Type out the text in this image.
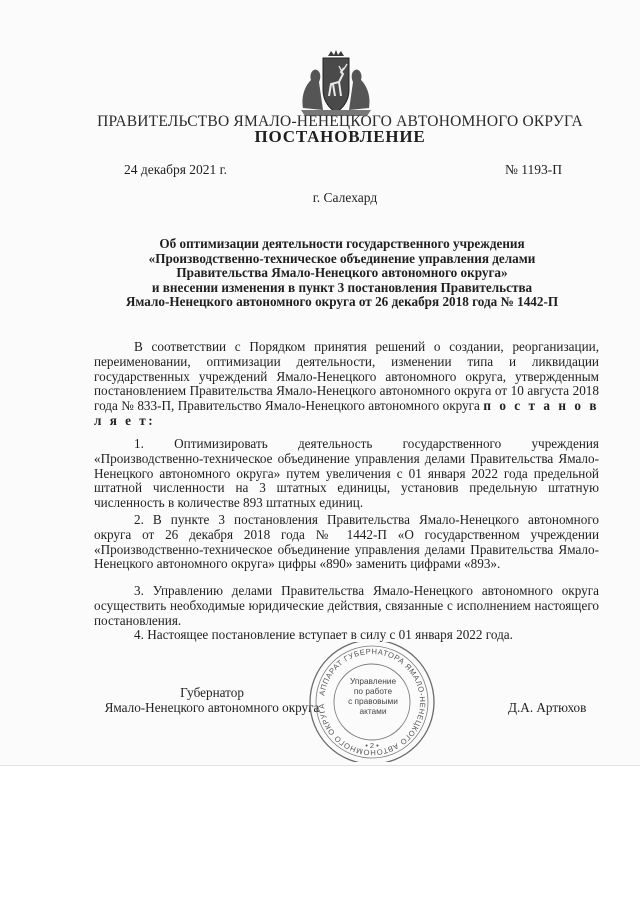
ПРАВИТЕЛЬСТВО ЯМАЛО-НЕНЕЦКОГО АВТОНОМНОГО ОКРУГА
ПОСТАНОВЛЕНИЕ
24 декабря 2021 г.	№ 1193-П
г. Салехард
Об оптимизации деятельности государственного учреждения
«Производственно-техническое объединение управления делами
Правительства Ямало-Ненецкого автономного округа»
и внесении изменения в пункт 3 постановления Правительства
Ямало-Ненецкого автономного округа от 26 декабря 2018 года № 1442-П

В соответствии с Порядком принятия решений о создании, реорганизации, переименовании, оптимизации деятельности, изменении типа и ликвидации государственных учреждений Ямало-Ненецкого автономного округа, утвержденным постановлением Правительства Ямало-Ненецкого автономного округа от 10 августа 2018 года № 833-П, Правительство Ямало-Ненецкого автономного округа п о с т а н о в л я е т:

1. Оптимизировать деятельность государственного учреждения «Производственно-техническое объединение управления делами Правительства Ямало-Ненецкого автономного округа» путем увеличения с 01 января 2022 года предельной штатной численности на 3 штатных единицы, установив предельную штатную численность в количестве 893 штатных единиц.

2. В пункте 3 постановления Правительства Ямало-Ненецкого автономного округа от 26 декабря 2018 года № 1442-П «О государственном учреждении «Производственно-техническое объединение управления делами Правительства Ямало-Ненецкого автономного округа» цифры «890» заменить цифрами «893».

3. Управлению делами Правительства Ямало-Ненецкого автономного округа осуществить необходимые юридические действия, связанные с исполнением настоящего постановления.

4. Настоящее постановление вступает в силу с 01 января 2022 года.

Губернатор
Ямало-Ненецкого автономного округа	Д.А. Артюхов
АППАРАТ ГУБЕРНАТОРА ЯМАЛО-НЕНЕЦКОГО АВТОНОМНОГО ОКРУГА
• 2 •
Управление
по работе
с правовыми
актами
